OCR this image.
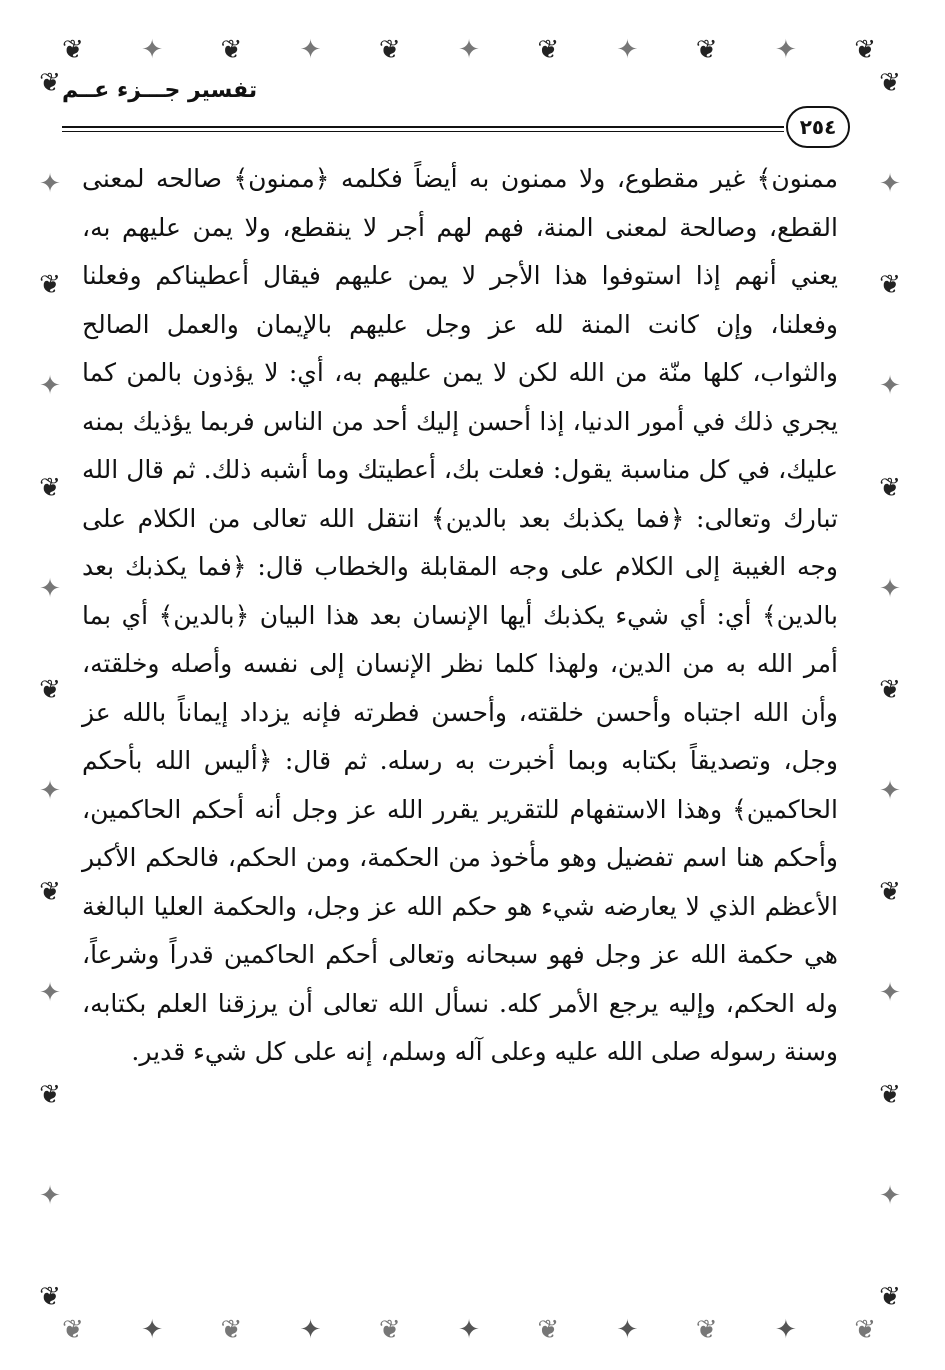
❦ ✦ ❦ ✦ ❦ ✦ ❦ ✦ ❦ ✦ ❦
❦
✦
❦
✦
❦
✦
❦
✦
❦
✦
❦
✦
❦
❦
✦
❦
✦
❦
✦
❦
✦
❦
✦
❦
✦
❦
❦ ✦ ❦ ✦ ❦ ✦ ❦ ✦ ❦ ✦ ❦
تفسير جـــزء عــم
٢٥٤

ممنون﴾ غير مقطوع، ولا ممنون به أيضاً فكلمه ﴿ممنون﴾ صالحه لمعنى القطع، وصالحة لمعنى المنة، فهم لهم أجر لا ينقطع، ولا يمن عليهم به، يعني أنهم إذا استوفوا هذا الأجر لا يمن عليهم فيقال أعطيناكم وفعلنا وفعلنا، وإن كانت المنة لله عز وجل عليهم بالإيمان والعمل الصالح والثواب، كلها منّة من الله لكن لا يمن عليهم به، أي: لا يؤذون بالمن كما يجري ذلك في أمور الدنيا، إذا أحسن إليك أحد من الناس فربما يؤذيك بمنه عليك، في كل مناسبة يقول: فعلت بك، أعطيتك وما أشبه ذلك. ثم قال الله تبارك وتعالى: ﴿فما يكذبك بعد بالدين﴾ انتقل الله تعالى من الكلام على وجه الغيبة إلى الكلام على وجه المقابلة والخطاب قال: ﴿فما يكذبك بعد بالدين﴾ أي: أي شيء يكذبك أيها الإنسان بعد هذا البيان ﴿بالدين﴾ أي بما أمر الله به من الدين، ولهذا كلما نظر الإنسان إلى نفسه وأصله وخلقته، وأن الله اجتباه وأحسن خلقته، وأحسن فطرته فإنه يزداد إيماناً بالله عز وجل، وتصديقاً بكتابه وبما أخبرت به رسله. ثم قال: ﴿أليس الله بأحكم الحاكمين﴾ وهذا الاستفهام للتقرير يقرر الله عز وجل أنه أحكم الحاكمين، وأحكم هنا اسم تفضيل وهو مأخوذ من الحكمة، ومن الحكم، فالحكم الأكبر الأعظم الذي لا يعارضه شيء هو حكم الله عز وجل، والحكمة العليا البالغة هي حكمة الله عز وجل فهو سبحانه وتعالى أحكم الحاكمين قدراً وشرعاً، وله الحكم، وإليه يرجع الأمر كله. نسأل الله تعالى أن يرزقنا العلم بكتابه، وسنة رسوله صلى الله عليه وعلى آله وسلم، إنه على كل شيء قدير.
